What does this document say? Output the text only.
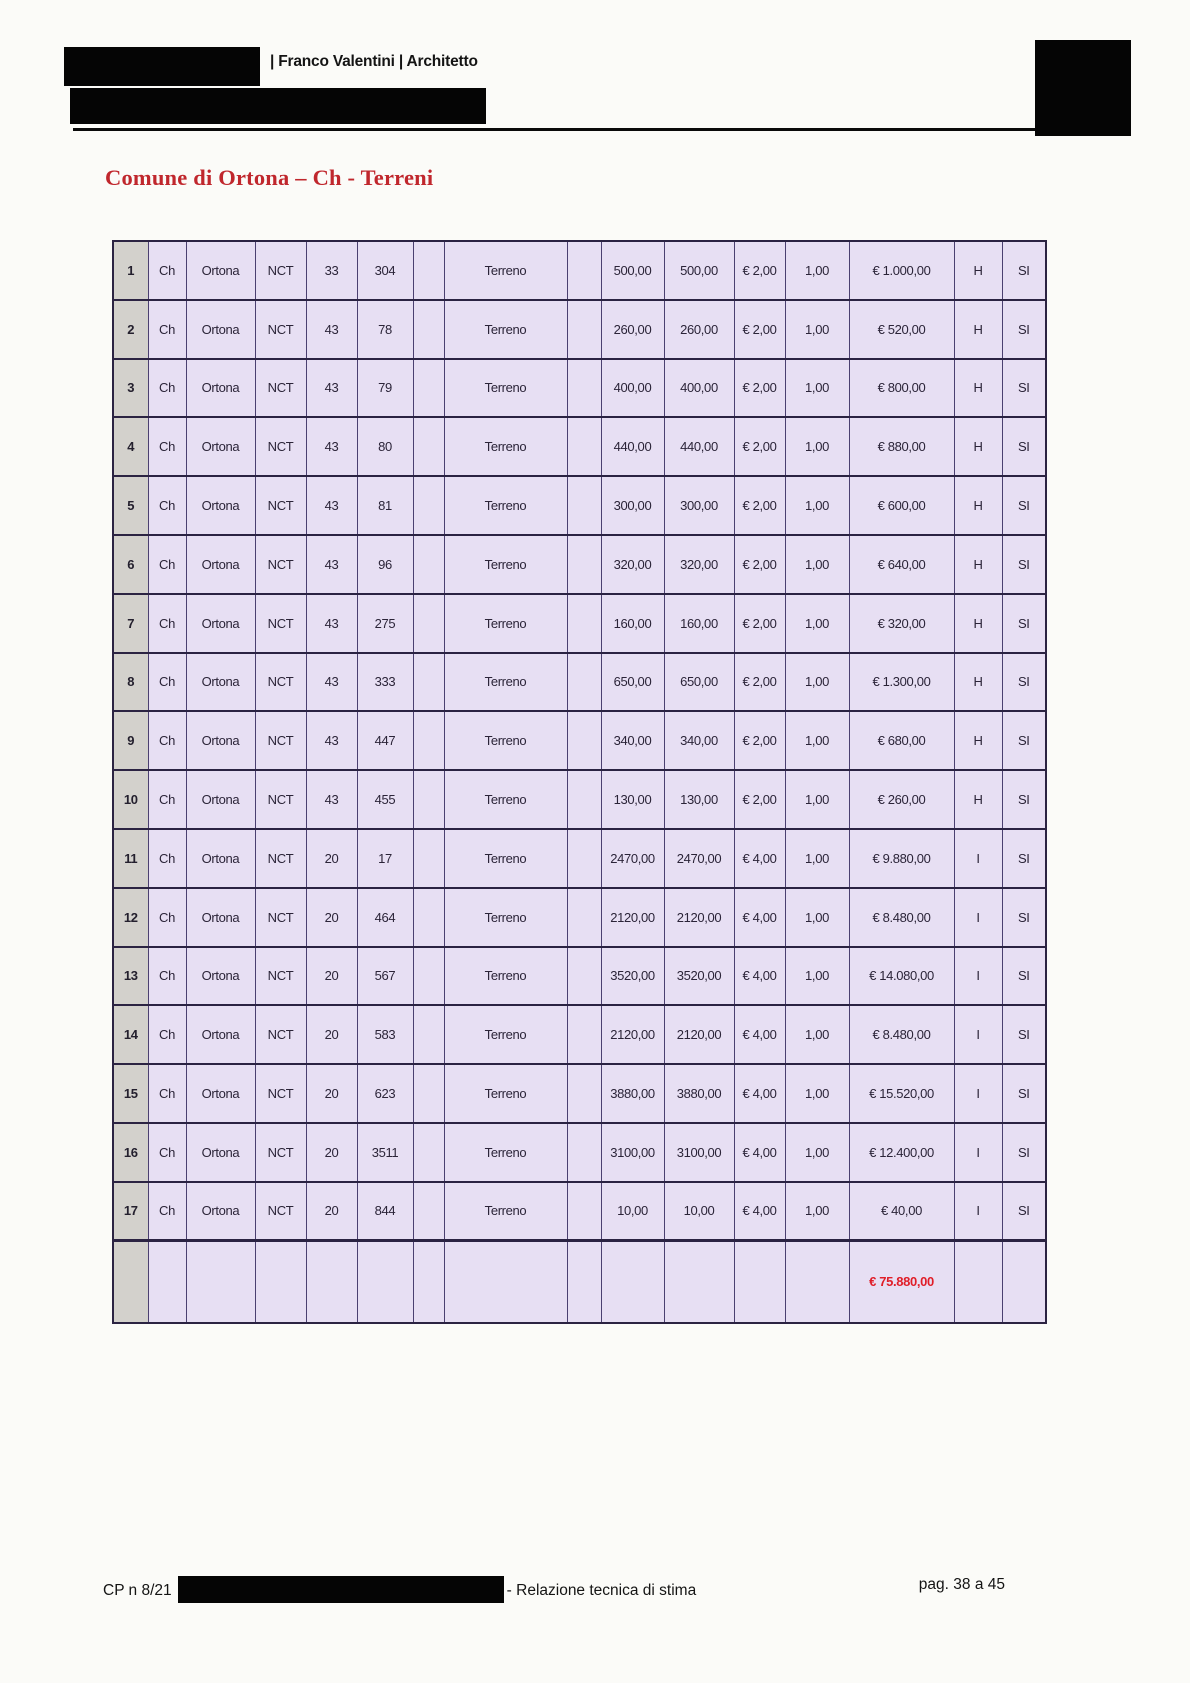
| Franco Valentini | Architetto
Comune di Ortona – Ch - Terreni
1	Ch	Ortona	NCT	33	304		Terreno		500,00	500,00	€ 2,00	1,00	€ 1.000,00	H	SI
2	Ch	Ortona	NCT	43	78		Terreno		260,00	260,00	€ 2,00	1,00	€ 520,00	H	SI
3	Ch	Ortona	NCT	43	79		Terreno		400,00	400,00	€ 2,00	1,00	€ 800,00	H	SI
4	Ch	Ortona	NCT	43	80		Terreno		440,00	440,00	€ 2,00	1,00	€ 880,00	H	SI
5	Ch	Ortona	NCT	43	81		Terreno		300,00	300,00	€ 2,00	1,00	€ 600,00	H	SI
6	Ch	Ortona	NCT	43	96		Terreno		320,00	320,00	€ 2,00	1,00	€ 640,00	H	SI
7	Ch	Ortona	NCT	43	275		Terreno		160,00	160,00	€ 2,00	1,00	€ 320,00	H	SI
8	Ch	Ortona	NCT	43	333		Terreno		650,00	650,00	€ 2,00	1,00	€ 1.300,00	H	SI
9	Ch	Ortona	NCT	43	447		Terreno		340,00	340,00	€ 2,00	1,00	€ 680,00	H	SI
10	Ch	Ortona	NCT	43	455		Terreno		130,00	130,00	€ 2,00	1,00	€ 260,00	H	SI
11	Ch	Ortona	NCT	20	17		Terreno		2470,00	2470,00	€ 4,00	1,00	€ 9.880,00	I	SI
12	Ch	Ortona	NCT	20	464		Terreno		2120,00	2120,00	€ 4,00	1,00	€ 8.480,00	I	SI
13	Ch	Ortona	NCT	20	567		Terreno		3520,00	3520,00	€ 4,00	1,00	€ 14.080,00	I	SI
14	Ch	Ortona	NCT	20	583		Terreno		2120,00	2120,00	€ 4,00	1,00	€ 8.480,00	I	SI
15	Ch	Ortona	NCT	20	623		Terreno		3880,00	3880,00	€ 4,00	1,00	€ 15.520,00	I	SI
16	Ch	Ortona	NCT	20	3511		Terreno		3100,00	3100,00	€ 4,00	1,00	€ 12.400,00	I	SI
17	Ch	Ortona	NCT	20	844		Terreno		10,00	10,00	€ 4,00	1,00	€ 40,00	I	SI
													€ 75.880,00		
CP n 8/21	- Relazione tecnica di stima	pag. 38 a 45
